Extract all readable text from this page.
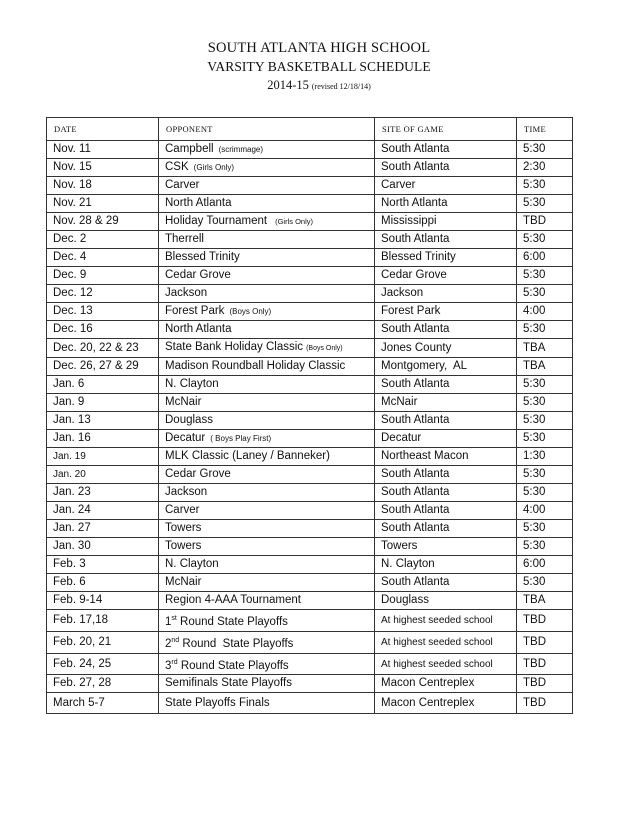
SOUTH ATLANTA HIGH SCHOOL
VARSITY BASKETBALL SCHEDULE
2014-15 (revised 12/18/14)
DATE	OPPONENT	SITE OF GAME	TIME
Nov. 11	Campbell (scrimmage)	South Atlanta	5:30
Nov. 15	CSK (Girls Only)	South Atlanta	2:30
Nov. 18	Carver	Carver	5:30
Nov. 21	North Atlanta	North Atlanta	5:30
Nov. 28 & 29	Holiday Tournament (Girls Only)	Mississippi	TBD
Dec. 2	Therrell	South Atlanta	5:30
Dec. 4	Blessed Trinity	Blessed Trinity	6:00
Dec. 9	Cedar Grove	Cedar Grove	5:30
Dec. 12	Jackson	Jackson	5:30
Dec. 13	Forest Park (Boys Only)	Forest Park	4:00
Dec. 16	North Atlanta	South Atlanta	5:30
Dec. 20, 22 & 23	State Bank Holiday Classic (Boys Only)	Jones County	TBA
Dec. 26, 27 & 29	Madison Roundball Holiday Classic	Montgomery,  AL	TBA
Jan. 6	N. Clayton	South Atlanta	5:30
Jan. 9	McNair	McNair	5:30
Jan. 13	Douglass	South Atlanta	5:30
Jan. 16	Decatur ( Boys Play First)	Decatur	5:30
Jan. 19	MLK Classic (Laney / Banneker)	Northeast Macon	1:30
Jan. 20	Cedar Grove	South Atlanta	5:30
Jan. 23	Jackson	South Atlanta	5:30
Jan. 24	Carver	South Atlanta	4:00
Jan. 27	Towers	South Atlanta	5:30
Jan. 30	Towers	Towers	5:30
Feb. 3	N. Clayton	N. Clayton	6:00
Feb. 6	McNair	South Atlanta	5:30
Feb. 9-14	Region 4-AAA Tournament	Douglass	TBA
Feb. 17,18	1st Round State Playoffs	At highest seeded school	TBD
Feb. 20, 21	2nd Round  State Playoffs	At highest seeded school	TBD
Feb. 24, 25	3rd Round State Playoffs	At highest seeded school	TBD
Feb. 27, 28	Semifinals State Playoffs	Macon Centreplex	TBD
March 5-7	State Playoffs Finals	Macon Centreplex	TBD
